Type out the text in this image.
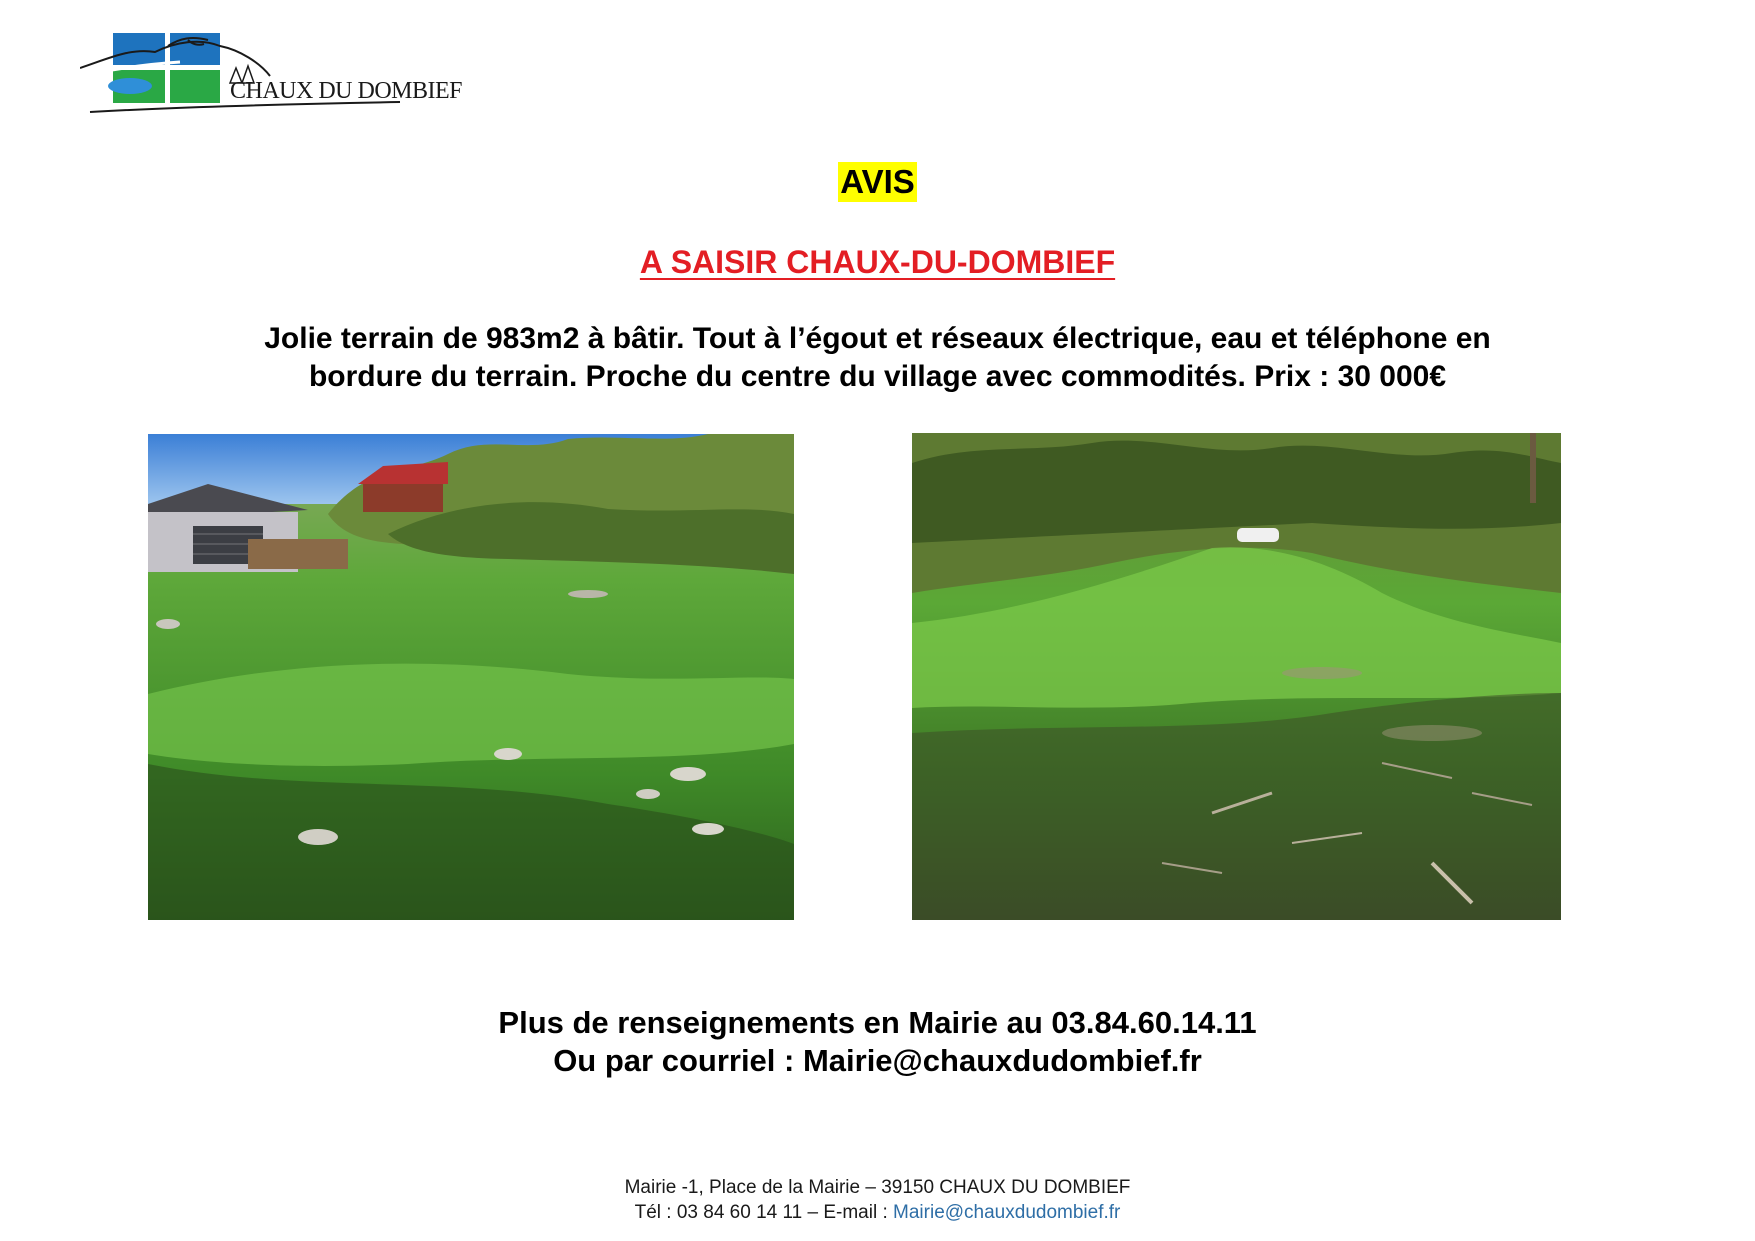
CHAUX DU DOMBIEF
AVIS
A SAISIR CHAUX-DU-DOMBIEF
Jolie terrain de 983m2 à bâtir. Tout à l’égout et réseaux électrique, eau et téléphone en
bordure du terrain. Proche du centre du village avec commodités. Prix : 30 000€
Plus de renseignements en Mairie au 03.84.60.14.11
Ou par courriel : Mairie@chauxdudombief.fr
Mairie -1, Place de la Mairie – 39150 CHAUX DU DOMBIEF
Tél : 03 84 60 14 11 – E-mail : Mairie@chauxdudombief.fr
